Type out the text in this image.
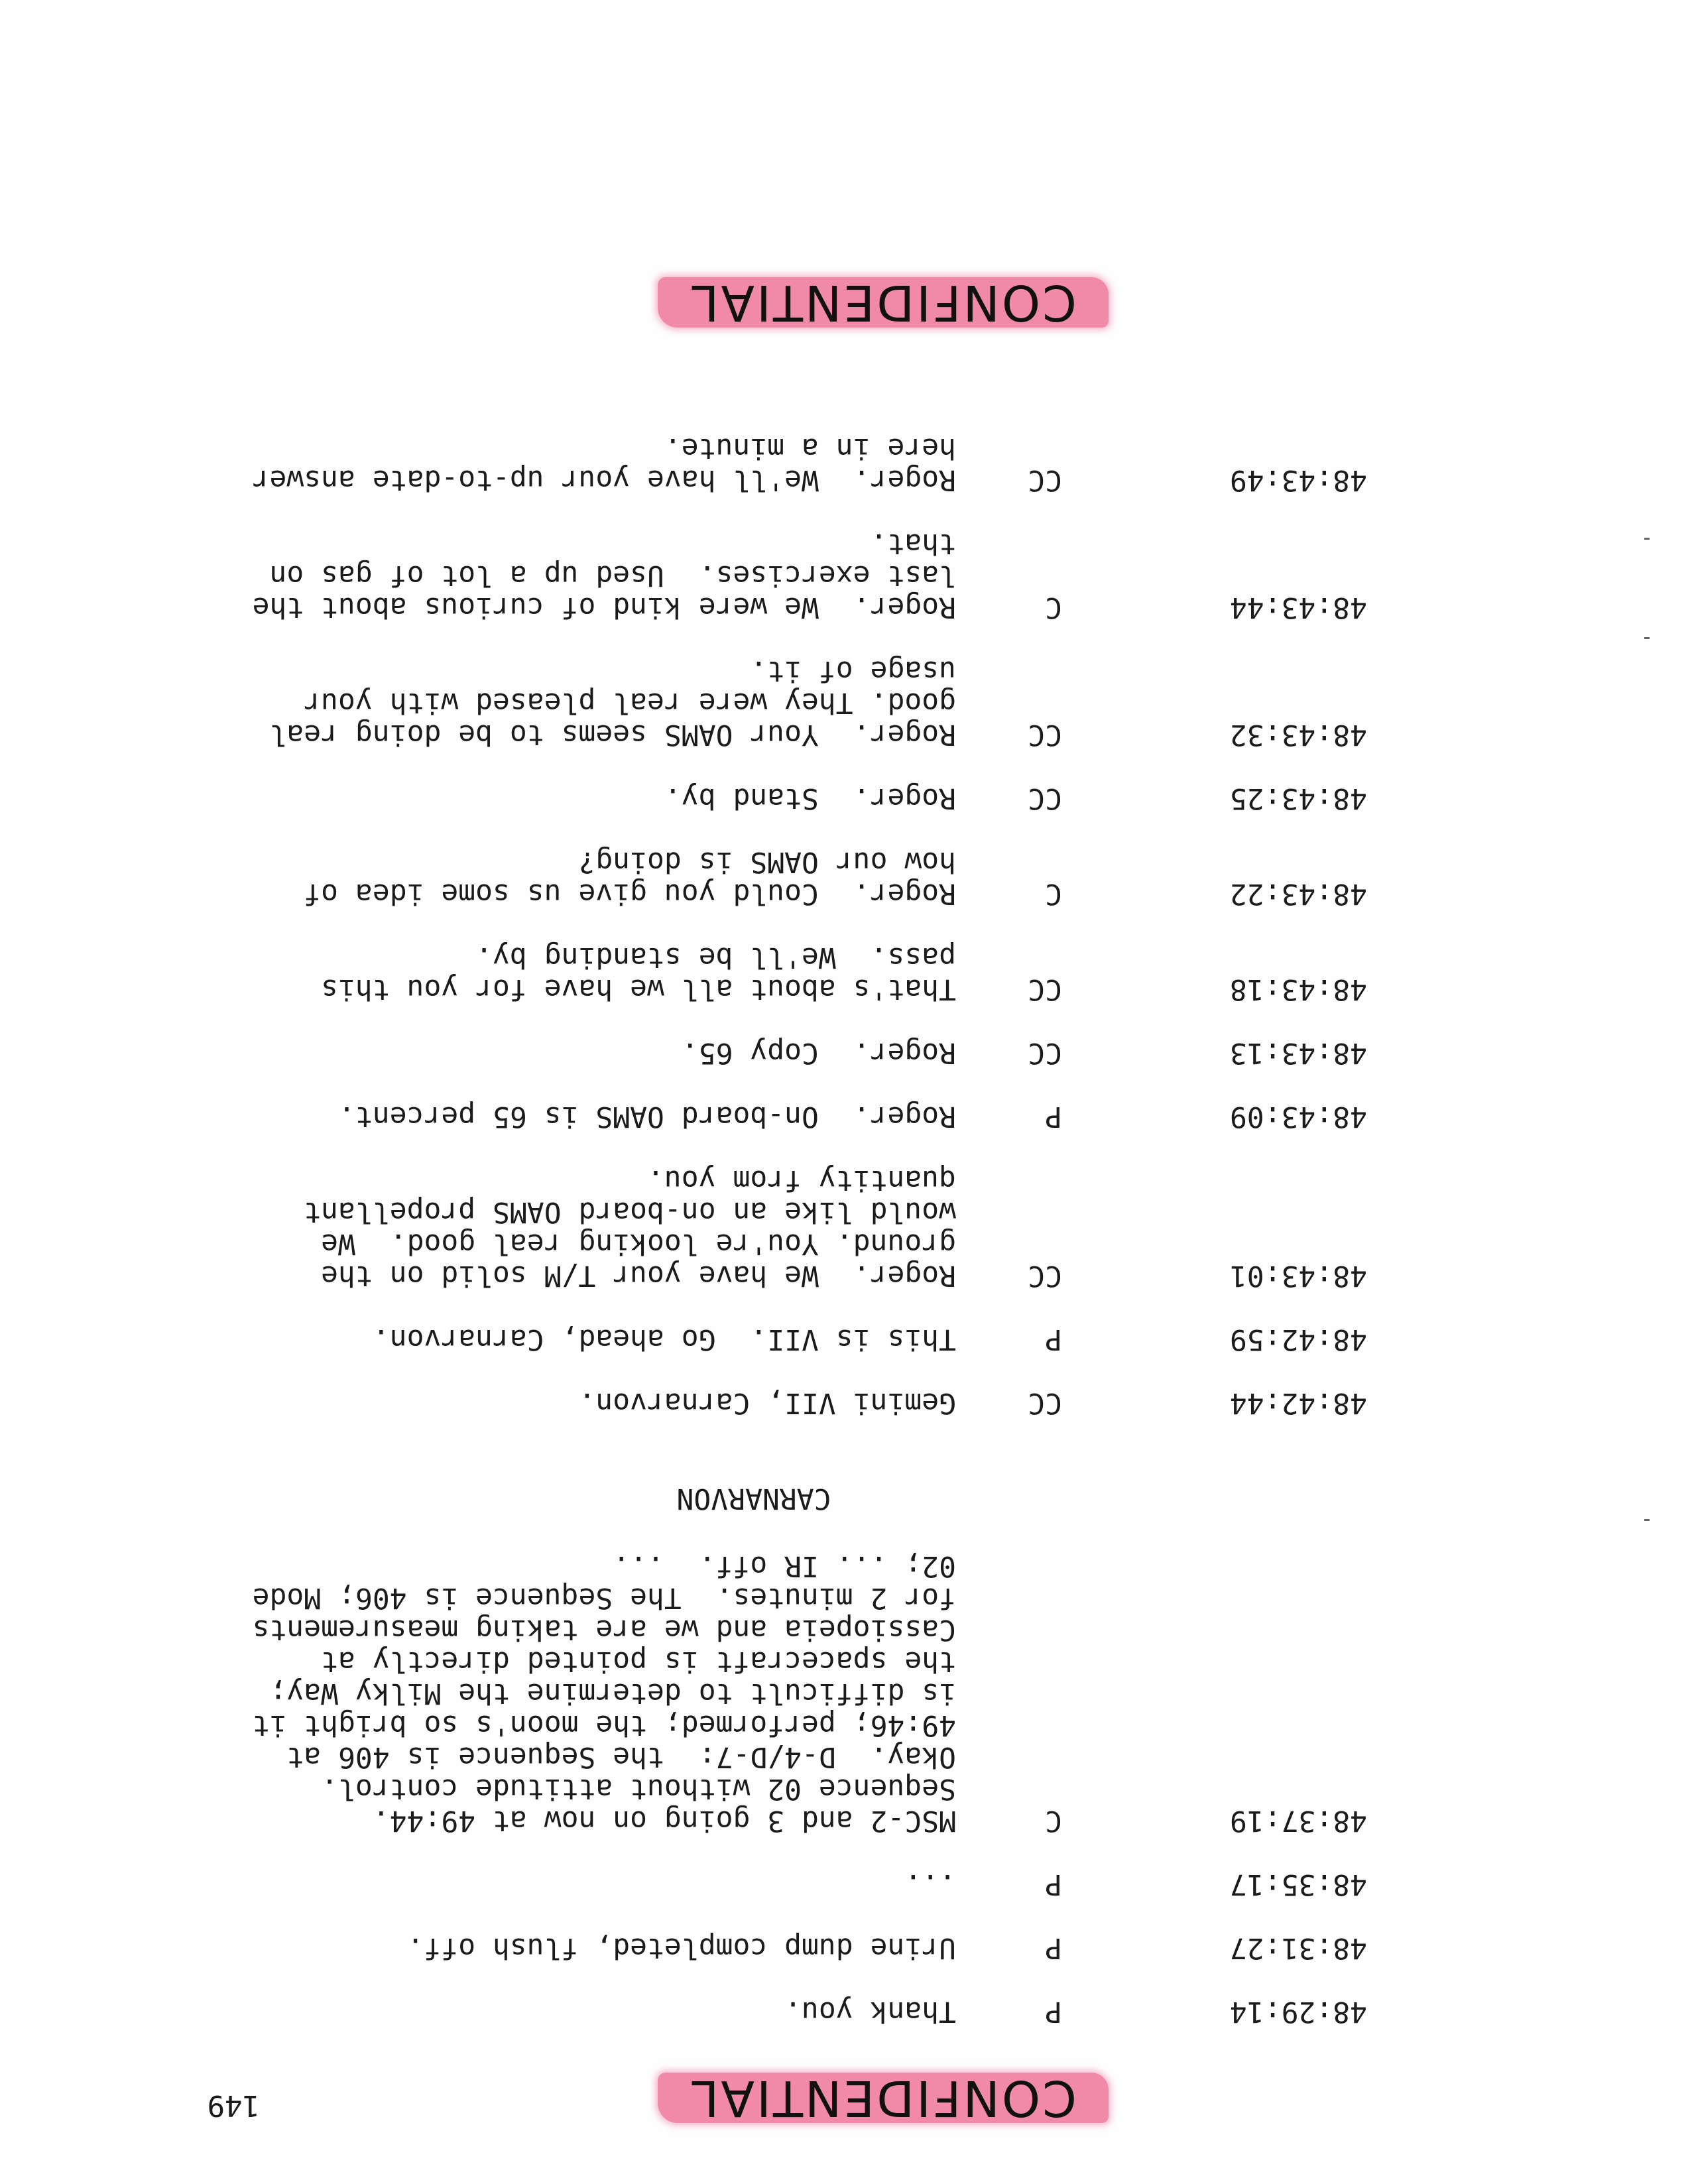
CONFIDENTIAL
149
48:29:14
P
Thank you.
48:31:27
P
Urine dump completed, flush off.
48:35:17
P
...
48:37:19
C
MSC-2 and 3 going on now at 49:44.  Sequence 02 without attitude control.  Okay.  D-4/D-7:  the Sequence is 406 at 49:46; performed; the moon's so bright it is difficult to determine the Milky Way; the spacecraft is pointed directly at Cassiopeia and we are taking measurements for 2 minutes.  The Sequence is 406; Mode 02; ... IR off.  ...
CARNARVON
48:42:44
CC
Gemini VII, Carnarvon.
48:42:59
P
This is VII.  Go ahead, Carnarvon.
48:43:01
CC
Roger.  We have your T/M solid on the ground. You're looking real good.  We would like an on-board OAMS propellant quantity from you.
48:43:09
P
Roger.  On-board OAMS is 65 percent.
48:43:13
CC
Roger.  Copy 65.
48:43:18
CC
That's about all we have for you this pass.  We'll be standing by.
48:43:22
C
Roger.  Could you give us some idea of how our OAMS is doing?
48:43:25
CC
Roger.  Stand by.
48:43:32
CC
Roger.  Your OAMS seems to be doing real good. They were real pleased with your usage of it.
48:43:44
C
Roger.  We were kind of curious about the last exercises.  Used up a lot of gas on that.
48:43:49
CC
Roger.  We'll have your up-to-date answer here in a minute.
CONFIDENTIAL
